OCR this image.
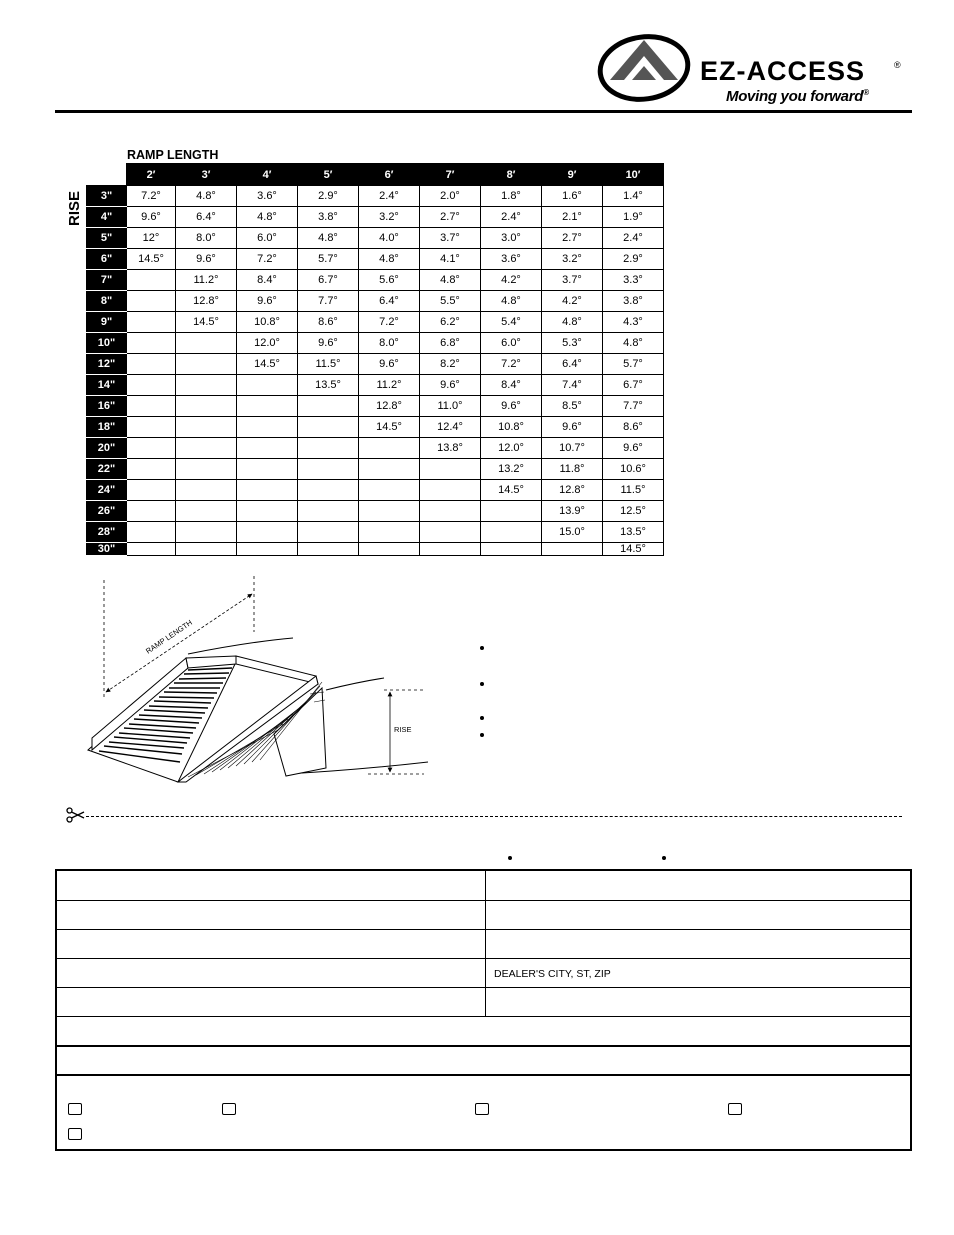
EZ-ACCESS	®
Moving you forward®
RAMP LENGTH
RISE
	2′	3′	4′	5′	6′	7′	8′	9′	10′
3"	7.2°	4.8°	3.6°	2.9°	2.4°	2.0°	1.8°	1.6°	1.4°
4"	9.6°	6.4°	4.8°	3.8°	3.2°	2.7°	2.4°	2.1°	1.9°
5"	12°	8.0°	6.0°	4.8°	4.0°	3.7°	3.0°	2.7°	2.4°
6"	14.5°	9.6°	7.2°	5.7°	4.8°	4.1°	3.6°	3.2°	2.9°
7"		11.2°	8.4°	6.7°	5.6°	4.8°	4.2°	3.7°	3.3°
8"		12.8°	9.6°	7.7°	6.4°	5.5°	4.8°	4.2°	3.8°
9"		14.5°	10.8°	8.6°	7.2°	6.2°	5.4°	4.8°	4.3°
10"			12.0°	9.6°	8.0°	6.8°	6.0°	5.3°	4.8°
12"			14.5°	11.5°	9.6°	8.2°	7.2°	6.4°	5.7°
14"				13.5°	11.2°	9.6°	8.4°	7.4°	6.7°
16"					12.8°	11.0°	9.6°	8.5°	7.7°
18"					14.5°	12.4°	10.8°	9.6°	8.6°
20"						13.8°	12.0°	10.7°	9.6°
22"							13.2°	11.8°	10.6°
24"							14.5°	12.8°	11.5°
26"								13.9°	12.5°
28"								15.0°	13.5°
30"									14.5°
RAMP LENGTH
RISE
DEALER'S CITY, ST, ZIP
